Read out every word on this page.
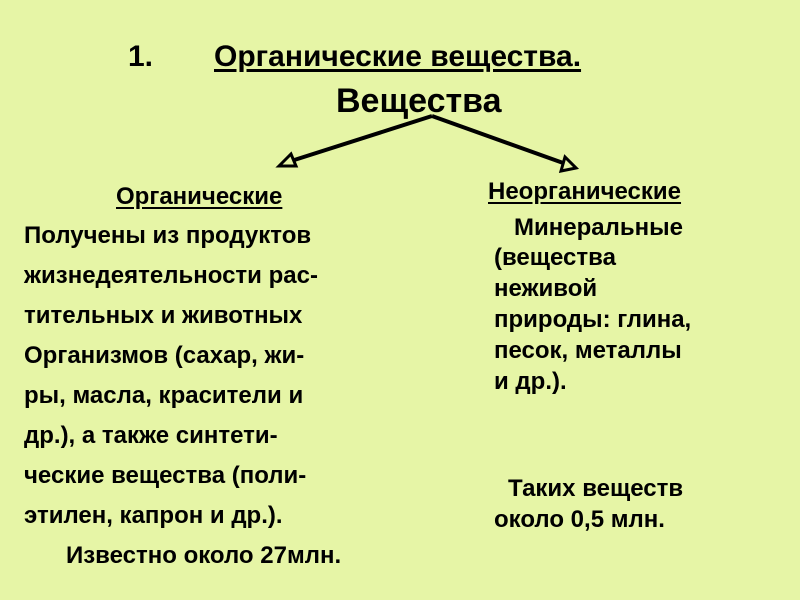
1. Органические вещества.
Вещества
Органические	Неорганические
Получены из продуктов
жизнедеятельности рас-
тительных и животных
Организмов (сахар, жи-
ры, масла, красители и
др.), а также синтети-
ческие вещества (поли-
этилен, капрон и др.).
Известно около 27млн.
Минеральные
(вещества
неживой
природы: глина,
песок, металлы
и др.).
Таких веществ
около 0,5 млн.
